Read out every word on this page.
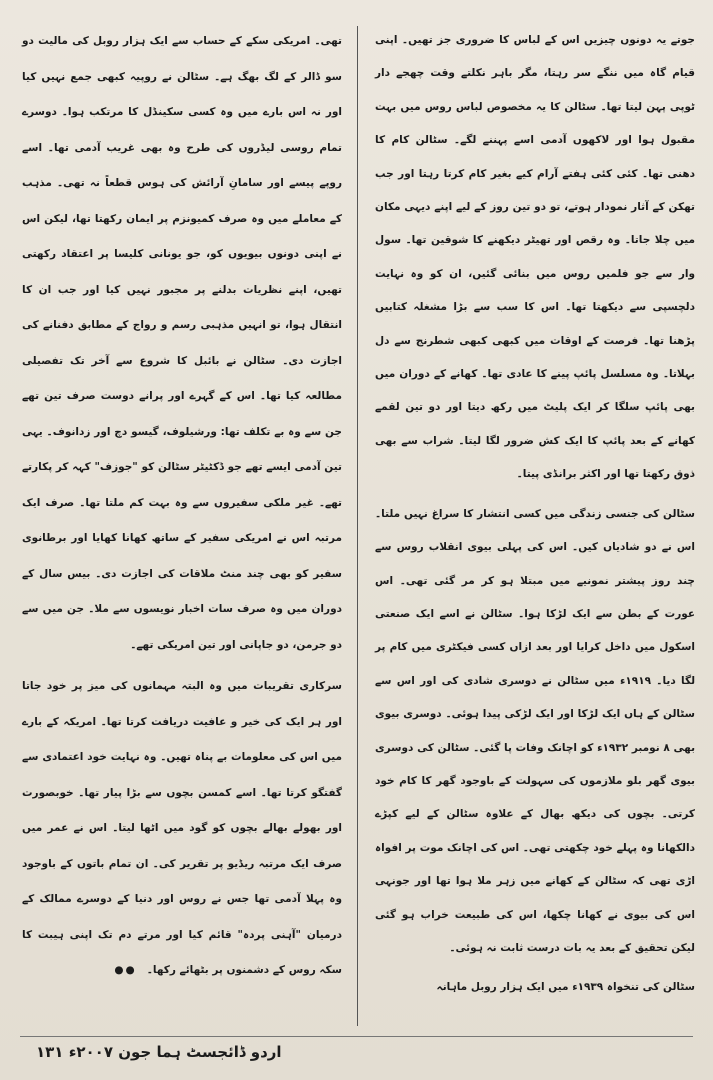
جوتے یہ دونوں چیزیں اس کے لباس کا ضروری جز تھیں۔ اپنی قیام گاہ میں ننگے سر رہتا، مگر باہر نکلتے وقت چھجے دار ٹوپی پہن لیتا تھا۔ سٹالن کا یہ مخصوص لباس روس میں بہت مقبول ہوا اور لاکھوں آدمی اسے پہننے لگے۔ سٹالن کام کا دھنی تھا۔ کئی کئی ہفتے آرام کیے بغیر کام کرتا رہتا اور جب تھکن کے آثار نمودار ہوتے، تو دو تین روز کے لیے اپنے دیہی مکان میں چلا جاتا۔ وہ رقص اور تھیٹر دیکھنے کا شوقین تھا۔ سول وار سے جو فلمیں روس میں بنائی گئیں، ان کو وہ نہایت دلچسپی سے دیکھتا تھا۔ اس کا سب سے بڑا مشغلہ کتابیں پڑھنا تھا۔ فرصت کے اوقات میں کبھی کبھی شطرنج سے دل بہلاتا۔ وہ مسلسل پائپ پینے کا عادی تھا۔ کھانے کے دوران میں بھی پائپ سلگا کر ایک پلیٹ میں رکھ دیتا اور دو تین لقمے کھانے کے بعد پائپ کا ایک کش ضرور لگا لیتا۔ شراب سے بھی ذوق رکھتا تھا اور اکثر برانڈی پیتا۔

سٹالن کی جنسی زندگی میں کسی انتشار کا سراغ نہیں ملتا۔ اس نے دو شادیاں کیں۔ اس کی پہلی بیوی انقلاب روس سے چند روز پیشتر نمونیے میں مبتلا ہو کر مر گئی تھی۔ اس عورت کے بطن سے ایک لڑکا ہوا۔ سٹالن نے اسے ایک صنعتی اسکول میں داخل کرایا اور بعد ازاں کسی فیکٹری میں کام پر لگا دیا۔ ۱۹۱۹ء میں سٹالن نے دوسری شادی کی اور اس سے سٹالن کے ہاں ایک لڑکا اور ایک لڑکی پیدا ہوئی۔ دوسری بیوی بھی ۸ نومبر ۱۹۳۲ء کو اچانک وفات پا گئی۔ سٹالن کی دوسری بیوی گھر بلو ملازموں کی سہولت کے باوجود گھر کا کام خود کرتی۔ بچوں کی دیکھ بھال کے علاوہ سٹالن کے لیے کپڑے دالکھانا وہ پہلے خود چکھتی تھی۔ اس کی اچانک موت پر افواہ اڑی تھی کہ سٹالن کے کھانے میں زہر ملا ہوا تھا اور جونہی اس کی بیوی نے کھانا چکھا، اس کی طبیعت خراب ہو گئی لیکن تحقیق کے بعد یہ بات درست ثابت نہ ہوئی۔

سٹالن کی تنخواہ ۱۹۳۹ء میں ایک ہزار روبل ماہانہ

تھی۔ امریکی سکے کے حساب سے ایک ہزار روبل کی مالیت دو سو ڈالر کے لگ بھگ ہے۔ سٹالن نے روپیہ کبھی جمع نہیں کیا اور نہ اس بارے میں وہ کسی سکینڈل کا مرتکب ہوا۔ دوسرے تمام روسی لیڈروں کی طرح وہ بھی غریب آدمی تھا۔ اسے روپے پیسے اور سامانِ آرائش کی ہوس قطعاً نہ تھی۔ مذہب کے معاملے میں وہ صرف کمیونزم پر ایمان رکھتا تھا، لیکن اس نے اپنی دونوں بیویوں کو، جو یونانی کلیسا پر اعتقاد رکھتی تھیں، اپنے نظریات بدلنے پر مجبور نہیں کیا اور جب ان کا انتقال ہوا، تو انہیں مذہبی رسم و رواج کے مطابق دفنانے کی اجازت دی۔ سٹالن نے بائبل کا شروع سے آخر تک تفصیلی مطالعہ کیا تھا۔ اس کے گہرے اور پرانے دوست صرف تین تھے جن سے وہ بے تکلف تھا: ورشیلوف، گیسو دچ اور زدانوف۔ یہی تین آدمی ایسے تھے جو ڈکٹیٹر سٹالن کو "جوزف" کہہ کر پکارتے تھے۔ غیر ملکی سفیروں سے وہ بہت کم ملتا تھا۔ صرف ایک مرتبہ اس نے امریکی سفیر کے ساتھ کھانا کھایا اور برطانوی سفیر کو بھی چند منٹ ملاقات کی اجازت دی۔ بیس سال کے دوران میں وہ صرف سات اخبار نویسوں سے ملا۔ جن میں سے دو جرمن، دو جاپانی اور تین امریکی تھے۔

سرکاری تقریبات میں وہ البتہ مہمانوں کی میز پر خود جاتا اور ہر ایک کی خیر و عافیت دریافت کرتا تھا۔ امریکہ کے بارے میں اس کی معلومات بے پناہ تھیں۔ وہ نہایت خود اعتمادی سے گفتگو کرتا تھا۔ اسے کمسن بچوں سے بڑا پیار تھا۔ خوبصورت اور بھولے بھالے بچوں کو گود میں اٹھا لیتا۔ اس نے عمر میں صرف ایک مرتبہ ریڈیو پر تقریر کی۔ ان تمام باتوں کے باوجود وہ پہلا آدمی تھا جس نے روس اور دنیا کے دوسرے ممالک کے درمیان "آہنی پردہ" قائم کیا اور مرتے دم تک اپنی ہیبت کا سکہ روس کے دشمنوں پر بٹھائے رکھا۔●●

اردو ڈائجسٹ ہما جون ۲۰۰۷ء ۱۳۱
